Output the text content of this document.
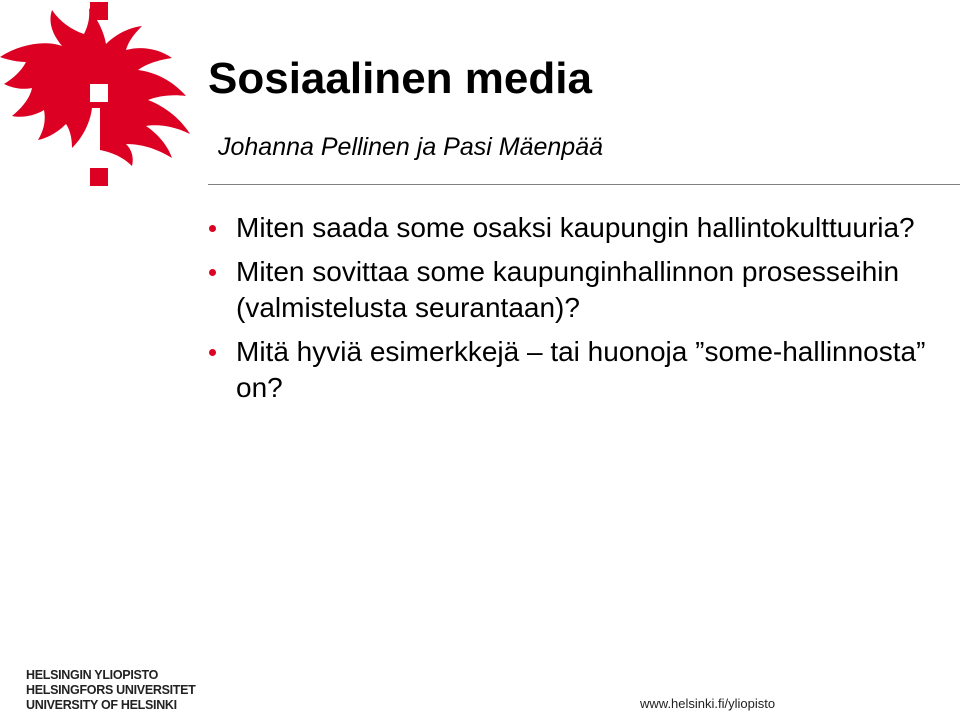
Sosiaalinen media

Johanna Pellinen ja Pasi Mäenpää

Miten saada some osaksi kaupungin hallintokulttuuria?
Miten sovittaa some kaupunginhallinnon prosesseihin (valmistelusta seurantaan)?
Mitä hyviä esimerkkejä – tai huonoja ”some-hallinnosta” on?
HELSINGIN YLIOPISTO
HELSINGFORS UNIVERSITET
UNIVERSITY OF HELSINKI	www.helsinki.fi/yliopisto
